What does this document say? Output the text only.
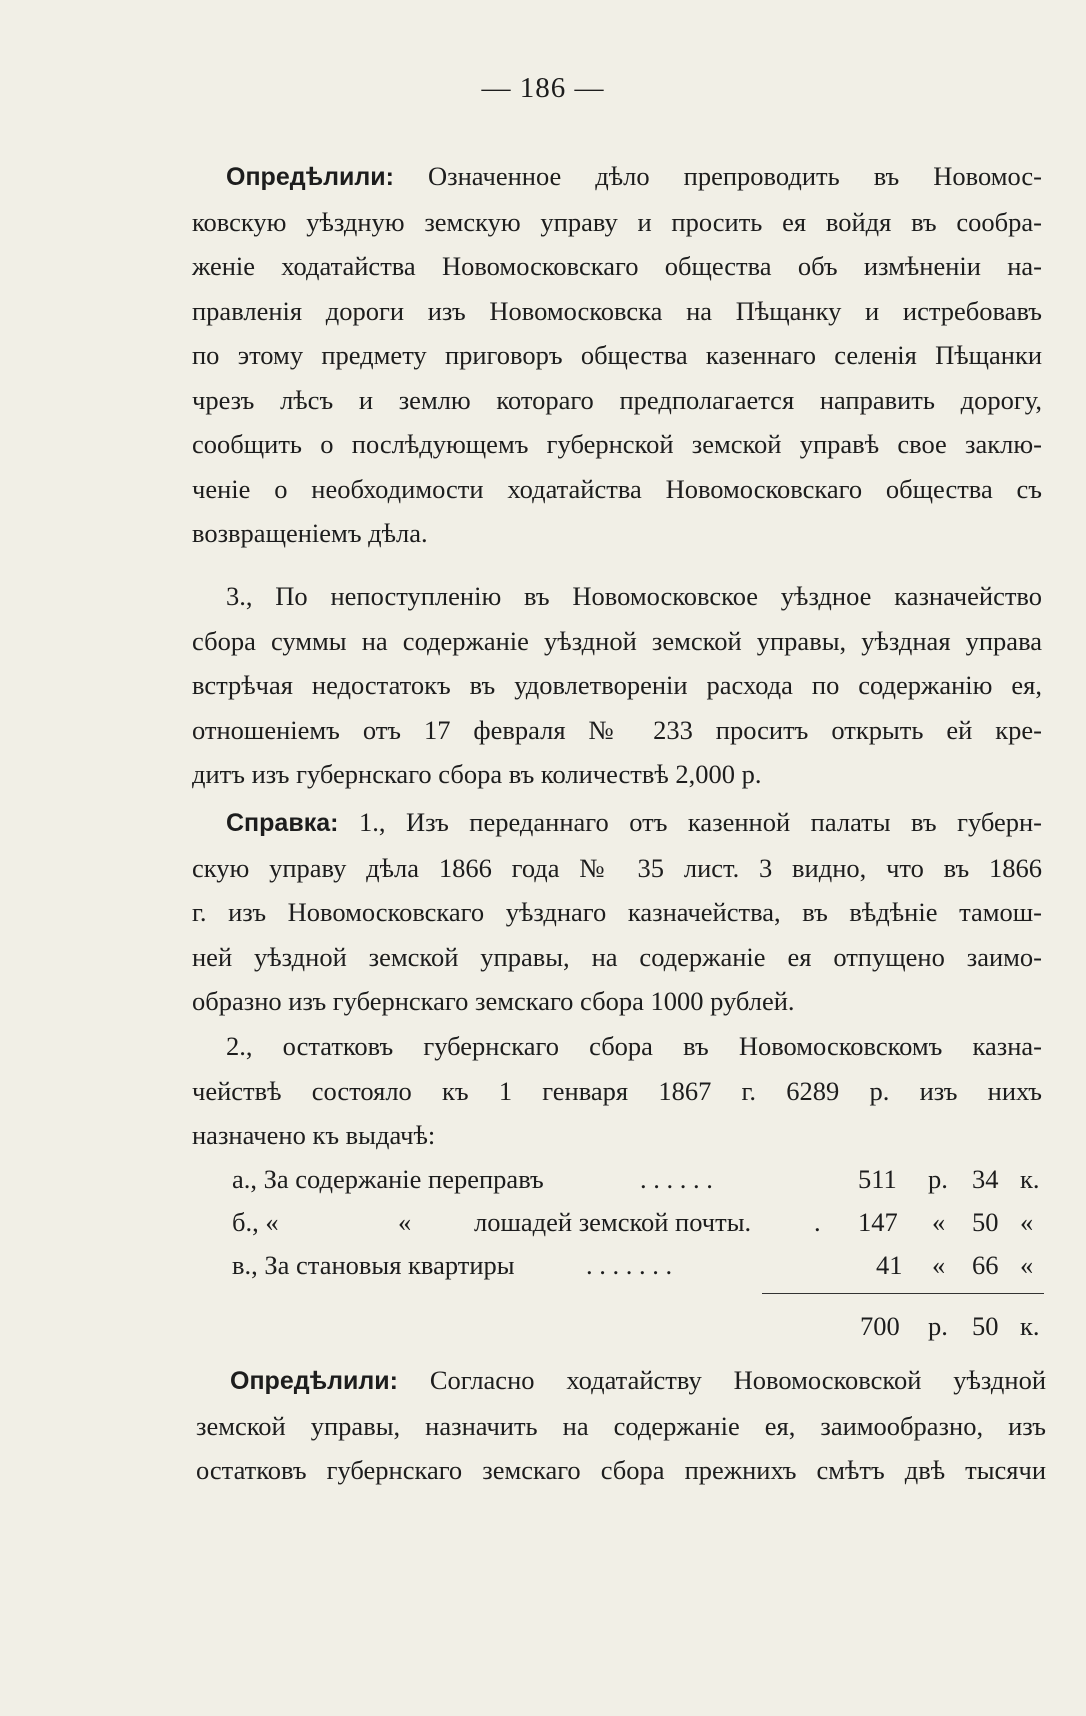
— 186 —
Опредѣлили: Означенное дѣло препроводить въ Новомос-
ковскую уѣздную земскую управу и просить ея войдя въ сообра-
женіе ходатайства Новомосковскаго общества объ измѣненіи на-
правленія дороги изъ Новомосковска на Пѣщанку и истребовавъ
по этому предмету приговоръ общества казеннаго селенія Пѣщанки
чрезъ лѣсъ и землю котораго предполагается направить дорогу,
сообщить о послѣдующемъ губернской земской управѣ свое заклю-
ченіе о необходимости ходатайства Новомосковскаго общества съ
возвращеніемъ дѣла.
3., По непоступленію въ Новомосковское уѣздное казначейство
сбора суммы на содержаніе уѣздной земской управы, уѣздная управа
встрѣчая недостатокъ въ удовлетвореніи расхода по содержанію ея,
отношеніемъ отъ 17 февраля № 233 проситъ открыть ей кре-
дитъ изъ губернскаго сбора въ количествѣ 2,000 р.
Справка: 1., Изъ переданнаго отъ казенной палаты въ губерн-
скую управу дѣла 1866 года № 35 лист. 3 видно, что въ 1866
г. изъ Новомосковскаго уѣзднаго казначейства, въ вѣдѣніе тамош-
ней уѣздной земской управы, на содержаніе ея отпущено заимо-
образно изъ губернскаго земскаго сбора 1000 рублей.
2., остатковъ губернскаго сбора въ Новомосковскомъ казна-
чействѣ состояло къ 1 генваря 1867 г. 6289 р. изъ нихъ
назначено къ выдачѣ:
а., За содержаніе переправъ	. . . . . .	511 р. 34 к.
б., «	« лошадей земской почты. . 147 « 50 «
в., За становыя квартиры	. . . . . . .	41 « 66 «
700 р. 50 к.
Опредѣлили: Согласно ходатайству Новомосковской уѣздной
земской управы, назначить на содержаніе ея, заимообразно, изъ
остатковъ губернскаго земскаго сбора прежнихъ смѣтъ двѣ тысячи
